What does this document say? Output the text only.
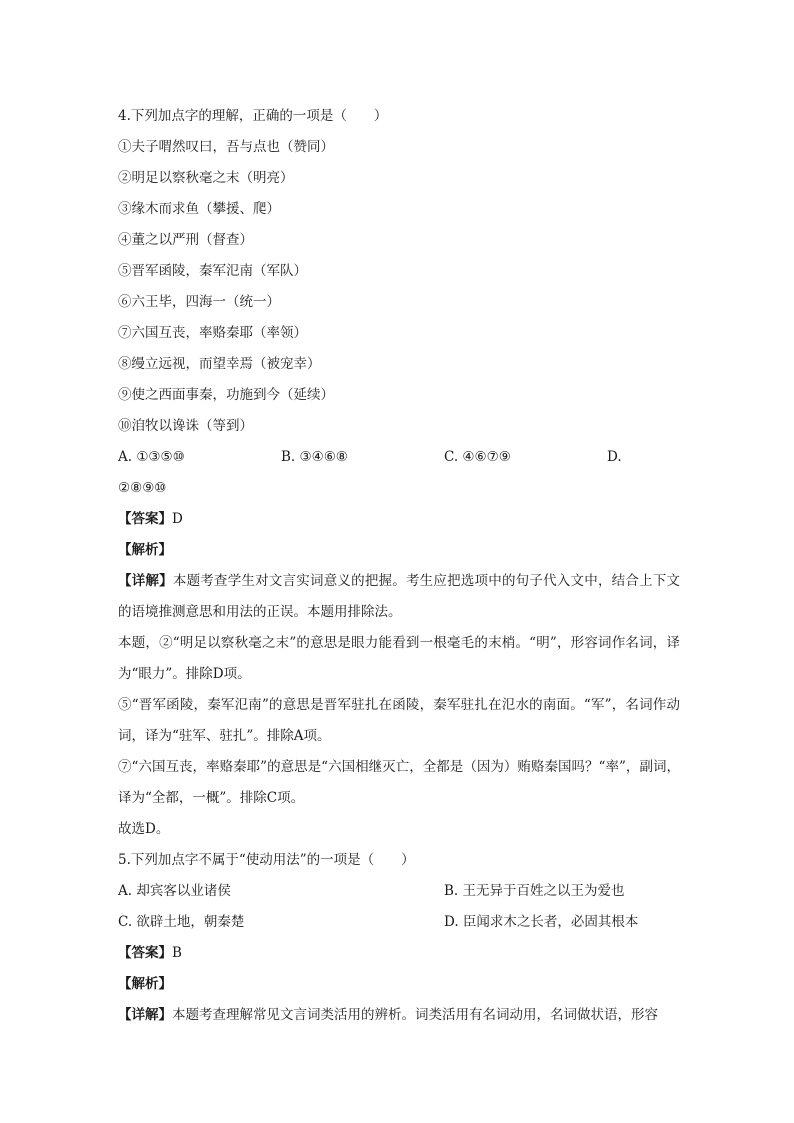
4.下列加点字的理解，正确的一项是（　　）
①夫子喟然叹曰，吾与点也（赞同）
②明足以察秋毫之末（明亮）
③缘木而求鱼（攀援、爬）
④董之以严刑（督查）
⑤晋军函陵，秦军氾南（军队）
⑥六王毕，四海一（统一）
⑦六国互丧，率赂秦耶（率领）
⑧缦立远视，而望幸焉（被宠幸）
⑨使之西面事秦，功施到今（延续）
⑩洎牧以谗诛（等到）
A. ①③⑤⑩	B. ③④⑥⑧	C. ④⑥⑦⑨	D.
②⑧⑨⑩
【答案】D
【解析】
【详解】本题考查学生对文言实词意义的把握。考生应把选项中的句子代入文中，结合上下文的语境推测意思和用法的正误。本题用排除法。
本题，②“明足以察秋毫之末”的意思是眼力能看到一根毫毛的末梢。“明”，形容词作名词，译为“眼力”。排除D项。
⑤“晋军函陵，秦军氾南”的意思是晋军驻扎在函陵，秦军驻扎在氾水的南面。“军”，名词作动词，译为“驻军、驻扎”。排除A项。
⑦“六国互丧，率赂秦耶”的意思是“六国相继灭亡，全都是（因为）贿赂秦国吗？“率”，副词，译为“全都，一概”。排除C项。
故选D。
5.下列加点字不属于“使动用法”的一项是（　　）
A. 却宾客以业诸侯	B. 王无异于百姓之以王为爱也
C. 欲辟土地，朝秦楚	D. 臣闻求木之长者，必固其根本
【答案】B
【解析】
【详解】本题考查理解常见文言词类活用的辨析。词类活用有名词动用，名词做状语，形容
